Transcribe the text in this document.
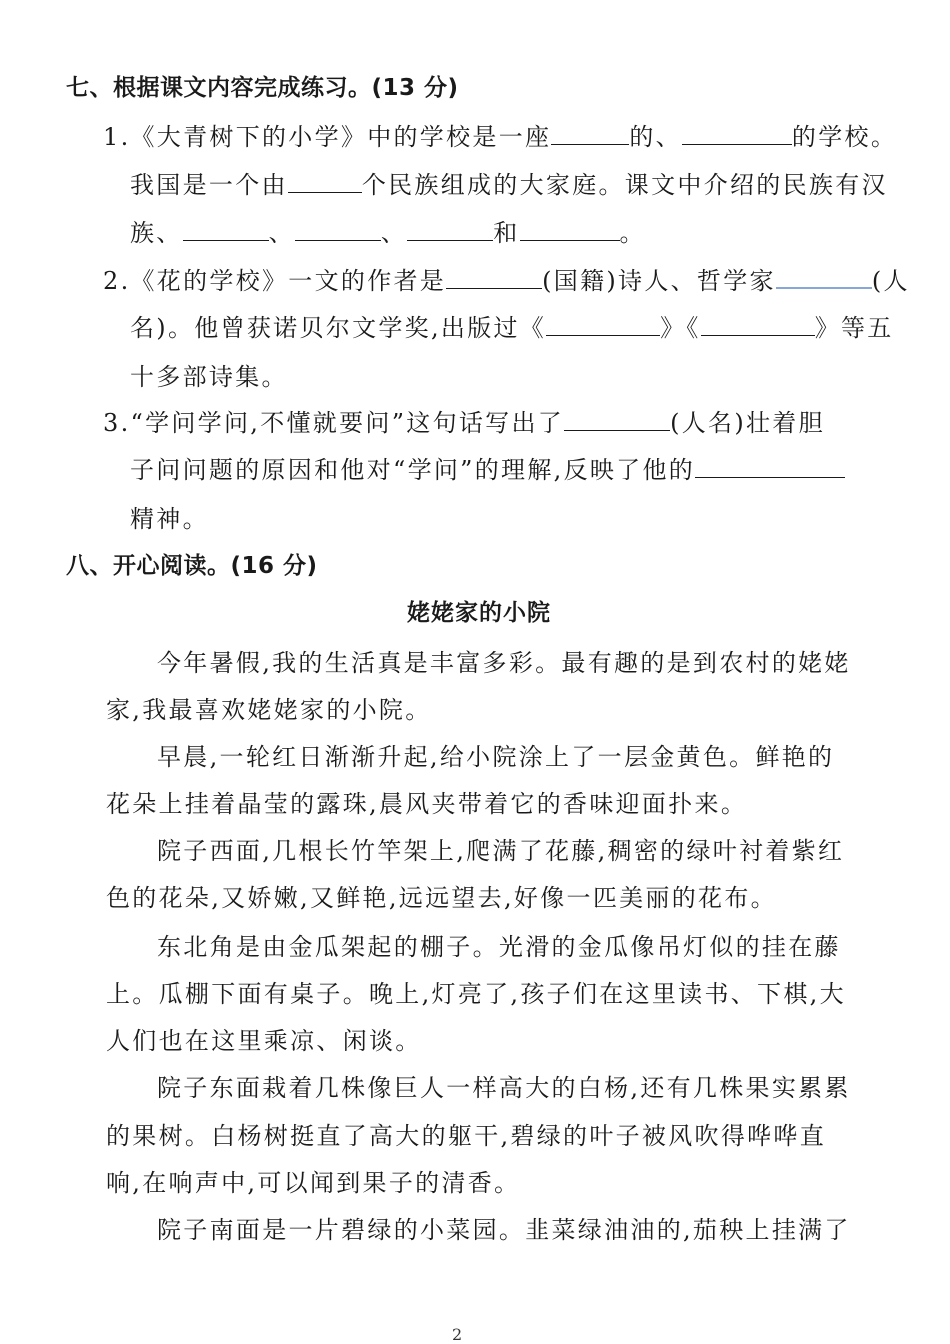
七、根据课文内容完成练习。(13 分)
1.《大青树下的小学》中的学校是一座	的、	的学校。
我国是一个由	个民族组成的大家庭。课文中介绍的民族有汉
族、	、	、	和	。
2.《花的学校》一文的作者是	(国籍)诗人、哲学家	(人
名)。他曾获诺贝尔文学奖,出版过《	》《	》等五
十多部诗集。
3.“学问学问,不懂就要问”这句话写出了	(人名)壮着胆
子问问题的原因和他对“学问”的理解,反映了他的
精神。
八、开心阅读。(16 分)
姥姥家的小院
今年暑假,我的生活真是丰富多彩。最有趣的是到农村的姥姥
家,我最喜欢姥姥家的小院。
早晨,一轮红日渐渐升起,给小院涂上了一层金黄色。鲜艳的
花朵上挂着晶莹的露珠,晨风夹带着它的香味迎面扑来。
院子西面,几根长竹竿架上,爬满了花藤,稠密的绿叶衬着紫红
色的花朵,又娇嫩,又鲜艳,远远望去,好像一匹美丽的花布。
东北角是由金瓜架起的棚子。光滑的金瓜像吊灯似的挂在藤
上。瓜棚下面有桌子。晚上,灯亮了,孩子们在这里读书、下棋,大
人们也在这里乘凉、闲谈。
院子东面栽着几株像巨人一样高大的白杨,还有几株果实累累
的果树。白杨树挺直了高大的躯干,碧绿的叶子被风吹得哗哗直
响,在响声中,可以闻到果子的清香。
院子南面是一片碧绿的小菜园。韭菜绿油油的,茄秧上挂满了
2
